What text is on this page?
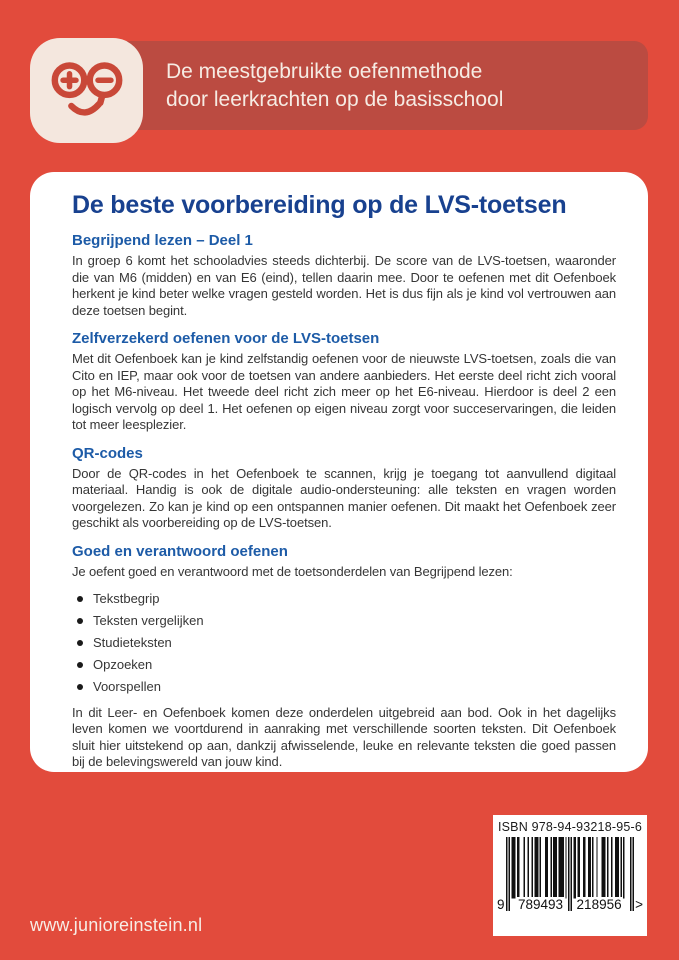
De meestgebruikte oefenmethode
door leerkrachten op de basisschool
De beste voorbereiding op de LVS-toetsen
Begrijpend lezen – Deel 1

In groep 6 komt het schooladvies steeds dichterbij. De score van de LVS-toetsen, waaronder die van M6 (midden) en van E6 (eind), tellen daarin mee. Door te oefenen met dit Oefenboek herkent je kind beter welke vragen gesteld worden. Het is dus fijn als je kind vol vertrouwen aan deze toetsen begint.

Zelfverzekerd oefenen voor de LVS-toetsen

Met dit Oefenboek kan je kind zelfstandig oefenen voor de nieuwste LVS-toetsen, zoals die van Cito en IEP, maar ook voor de toetsen van andere aanbieders. Het eerste deel richt zich vooral op het M6-niveau. Het tweede deel richt zich meer op het E6-niveau. Hierdoor is deel 2 een logisch vervolg op deel 1. Het oefenen op eigen niveau zorgt voor succeservaringen, die leiden tot meer leesplezier.

QR-codes

Door de QR-codes in het Oefenboek te scannen, krijg je toegang tot aanvullend digitaal materiaal. Handig is ook de digitale audio-ondersteuning: alle teksten en vragen worden voorgelezen. Zo kan je kind op een ontspannen manier oefenen. Dit maakt het Oefenboek zeer geschikt als voorbereiding op de LVS-toetsen.

Goed en verantwoord oefenen

Je oefent goed en verantwoord met de toetsonderdelen van Begrijpend lezen:

Tekstbegrip
Teksten vergelijken
Studieteksten
Opzoeken
Voorspellen

In dit Leer- en Oefenboek komen deze onderdelen uitgebreid aan bod. Ook in het dagelijks leven komen we voortdurend in aanraking met verschillende soorten teksten. Dit Oefenboek sluit hier uitstekend op aan, dankzij afwisselende, leuke en relevante teksten die goed passen bij de belevingswereld van jouw kind.

ISBN 978-94-93218-95-6
9 789493 218956 >
www.junioreinstein.nl
